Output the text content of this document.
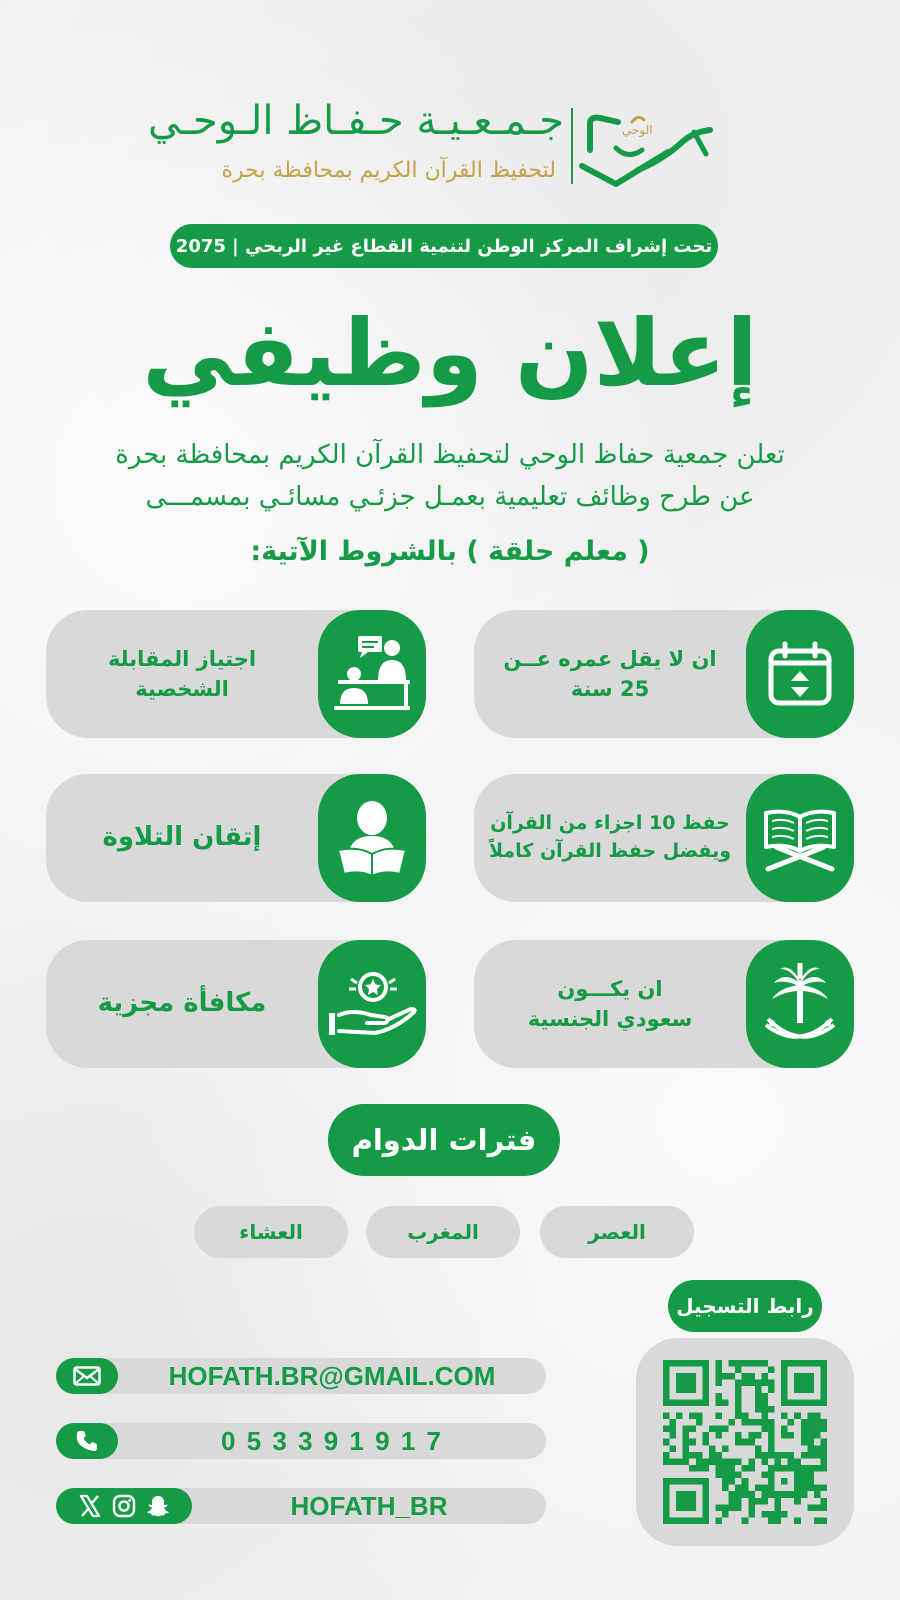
الوحي
جـمـعـيـة حـفـاظ الـوحـي
لتحفيظ القرآن الكريم بمحافظة بحرة
تحت إشراف المركز الوطن لتنمية القطاع غير الربحي | 2075
إعلان وظيفي
تعلن جمعية حفاظ الوحي لتحفيظ القرآن الكريم بمحافظة بحرة
عن طرح وظائف تعليمية بعمـل جزئـي مسائـي بمسمـــى
( معلم حلقة ) بالشروط الآتية:
ان لا يقل عمره عــن
25 سنة
اجتياز المقابلة
الشخصية
حفظ 10 اجزاء من القرآن
ويفضل حفظ القرآن كاملاً
إتقان التلاوة
ان يكـــون
سعودي الجنسية
مكافأة مجزية
فترات الدوام
العصر
المغرب
العشاء
رابط التسجيل
HOFATH.BR@GMAIL.COM
0 5 3 3 9 1 9 1 7
HOFATH_BR
